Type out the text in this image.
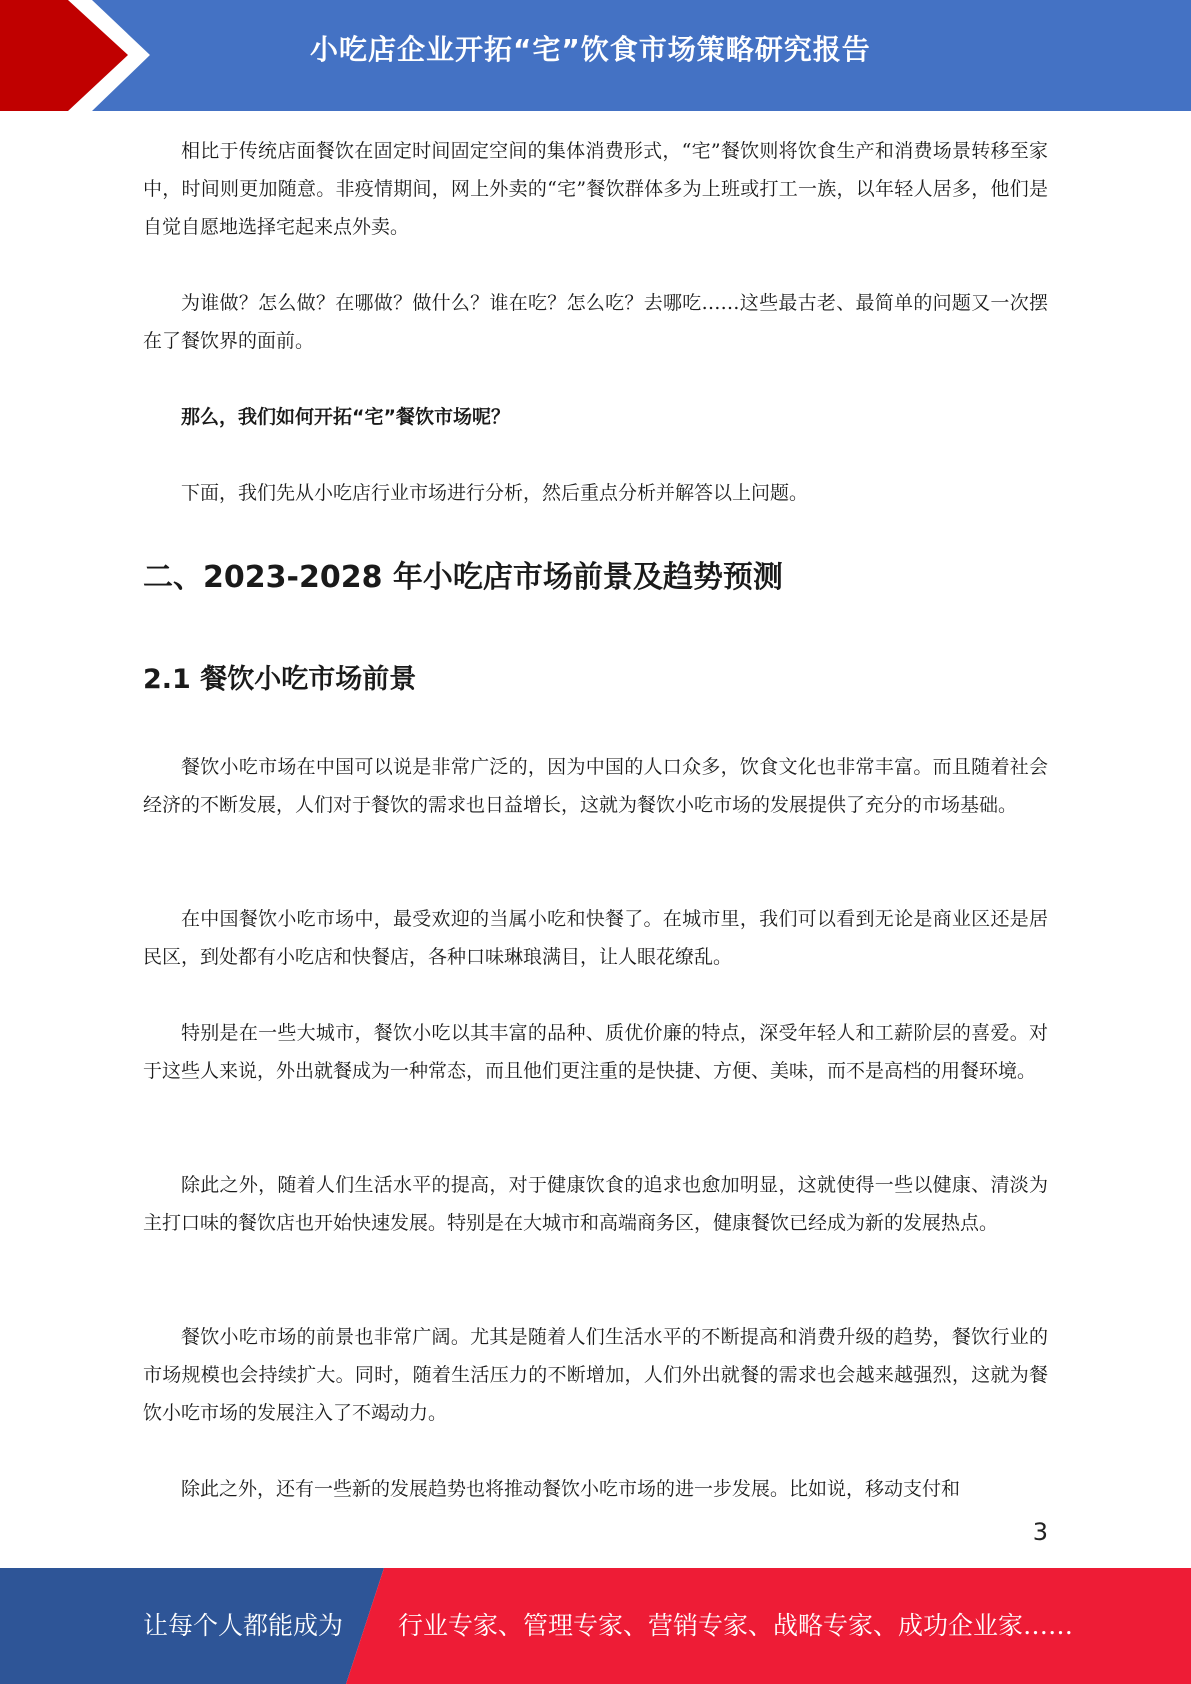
小吃店企业开拓“宅”饮食市场策略研究报告

相比于传统店面餐饮在固定时间固定空间的集体消费形式，“宅”餐饮则将饮食生产和消费场景转移至家中，时间则更加随意。非疫情期间，网上外卖的“宅”餐饮群体多为上班或打工一族，以年轻人居多，他们是自觉自愿地选择宅起来点外卖。

为谁做？怎么做？在哪做？做什么？谁在吃？怎么吃？去哪吃……这些最古老、最简单的问题又一次摆在了餐饮界的面前。

那么，我们如何开拓“宅”餐饮市场呢？

下面，我们先从小吃店行业市场进行分析，然后重点分析并解答以上问题。

二、2023-2028 年小吃店市场前景及趋势预测
2.1 餐饮小吃市场前景

餐饮小吃市场在中国可以说是非常广泛的，因为中国的人口众多，饮食文化也非常丰富。而且随着社会经济的不断发展，人们对于餐饮的需求也日益增长，这就为餐饮小吃市场的发展提供了充分的市场基础。

在中国餐饮小吃市场中，最受欢迎的当属小吃和快餐了。在城市里，我们可以看到无论是商业区还是居民区，到处都有小吃店和快餐店，各种口味琳琅满目，让人眼花缭乱。

特别是在一些大城市，餐饮小吃以其丰富的品种、质优价廉的特点，深受年轻人和工薪阶层的喜爱。对于这些人来说，外出就餐成为一种常态，而且他们更注重的是快捷、方便、美味，而不是高档的用餐环境。

除此之外，随着人们生活水平的提高，对于健康饮食的追求也愈加明显，这就使得一些以健康、清淡为主打口味的餐饮店也开始快速发展。特别是在大城市和高端商务区，健康餐饮已经成为新的发展热点。

餐饮小吃市场的前景也非常广阔。尤其是随着人们生活水平的不断提高和消费升级的趋势，餐饮行业的市场规模也会持续扩大。同时，随着生活压力的不断增加，人们外出就餐的需求也会越来越强烈，这就为餐饮小吃市场的发展注入了不竭动力。

除此之外，还有一些新的发展趋势也将推动餐饮小吃市场的进一步发展。比如说，移动支付和

3
让每个人都能成为 行业专家、管理专家、营销专家、战略专家、成功企业家……
